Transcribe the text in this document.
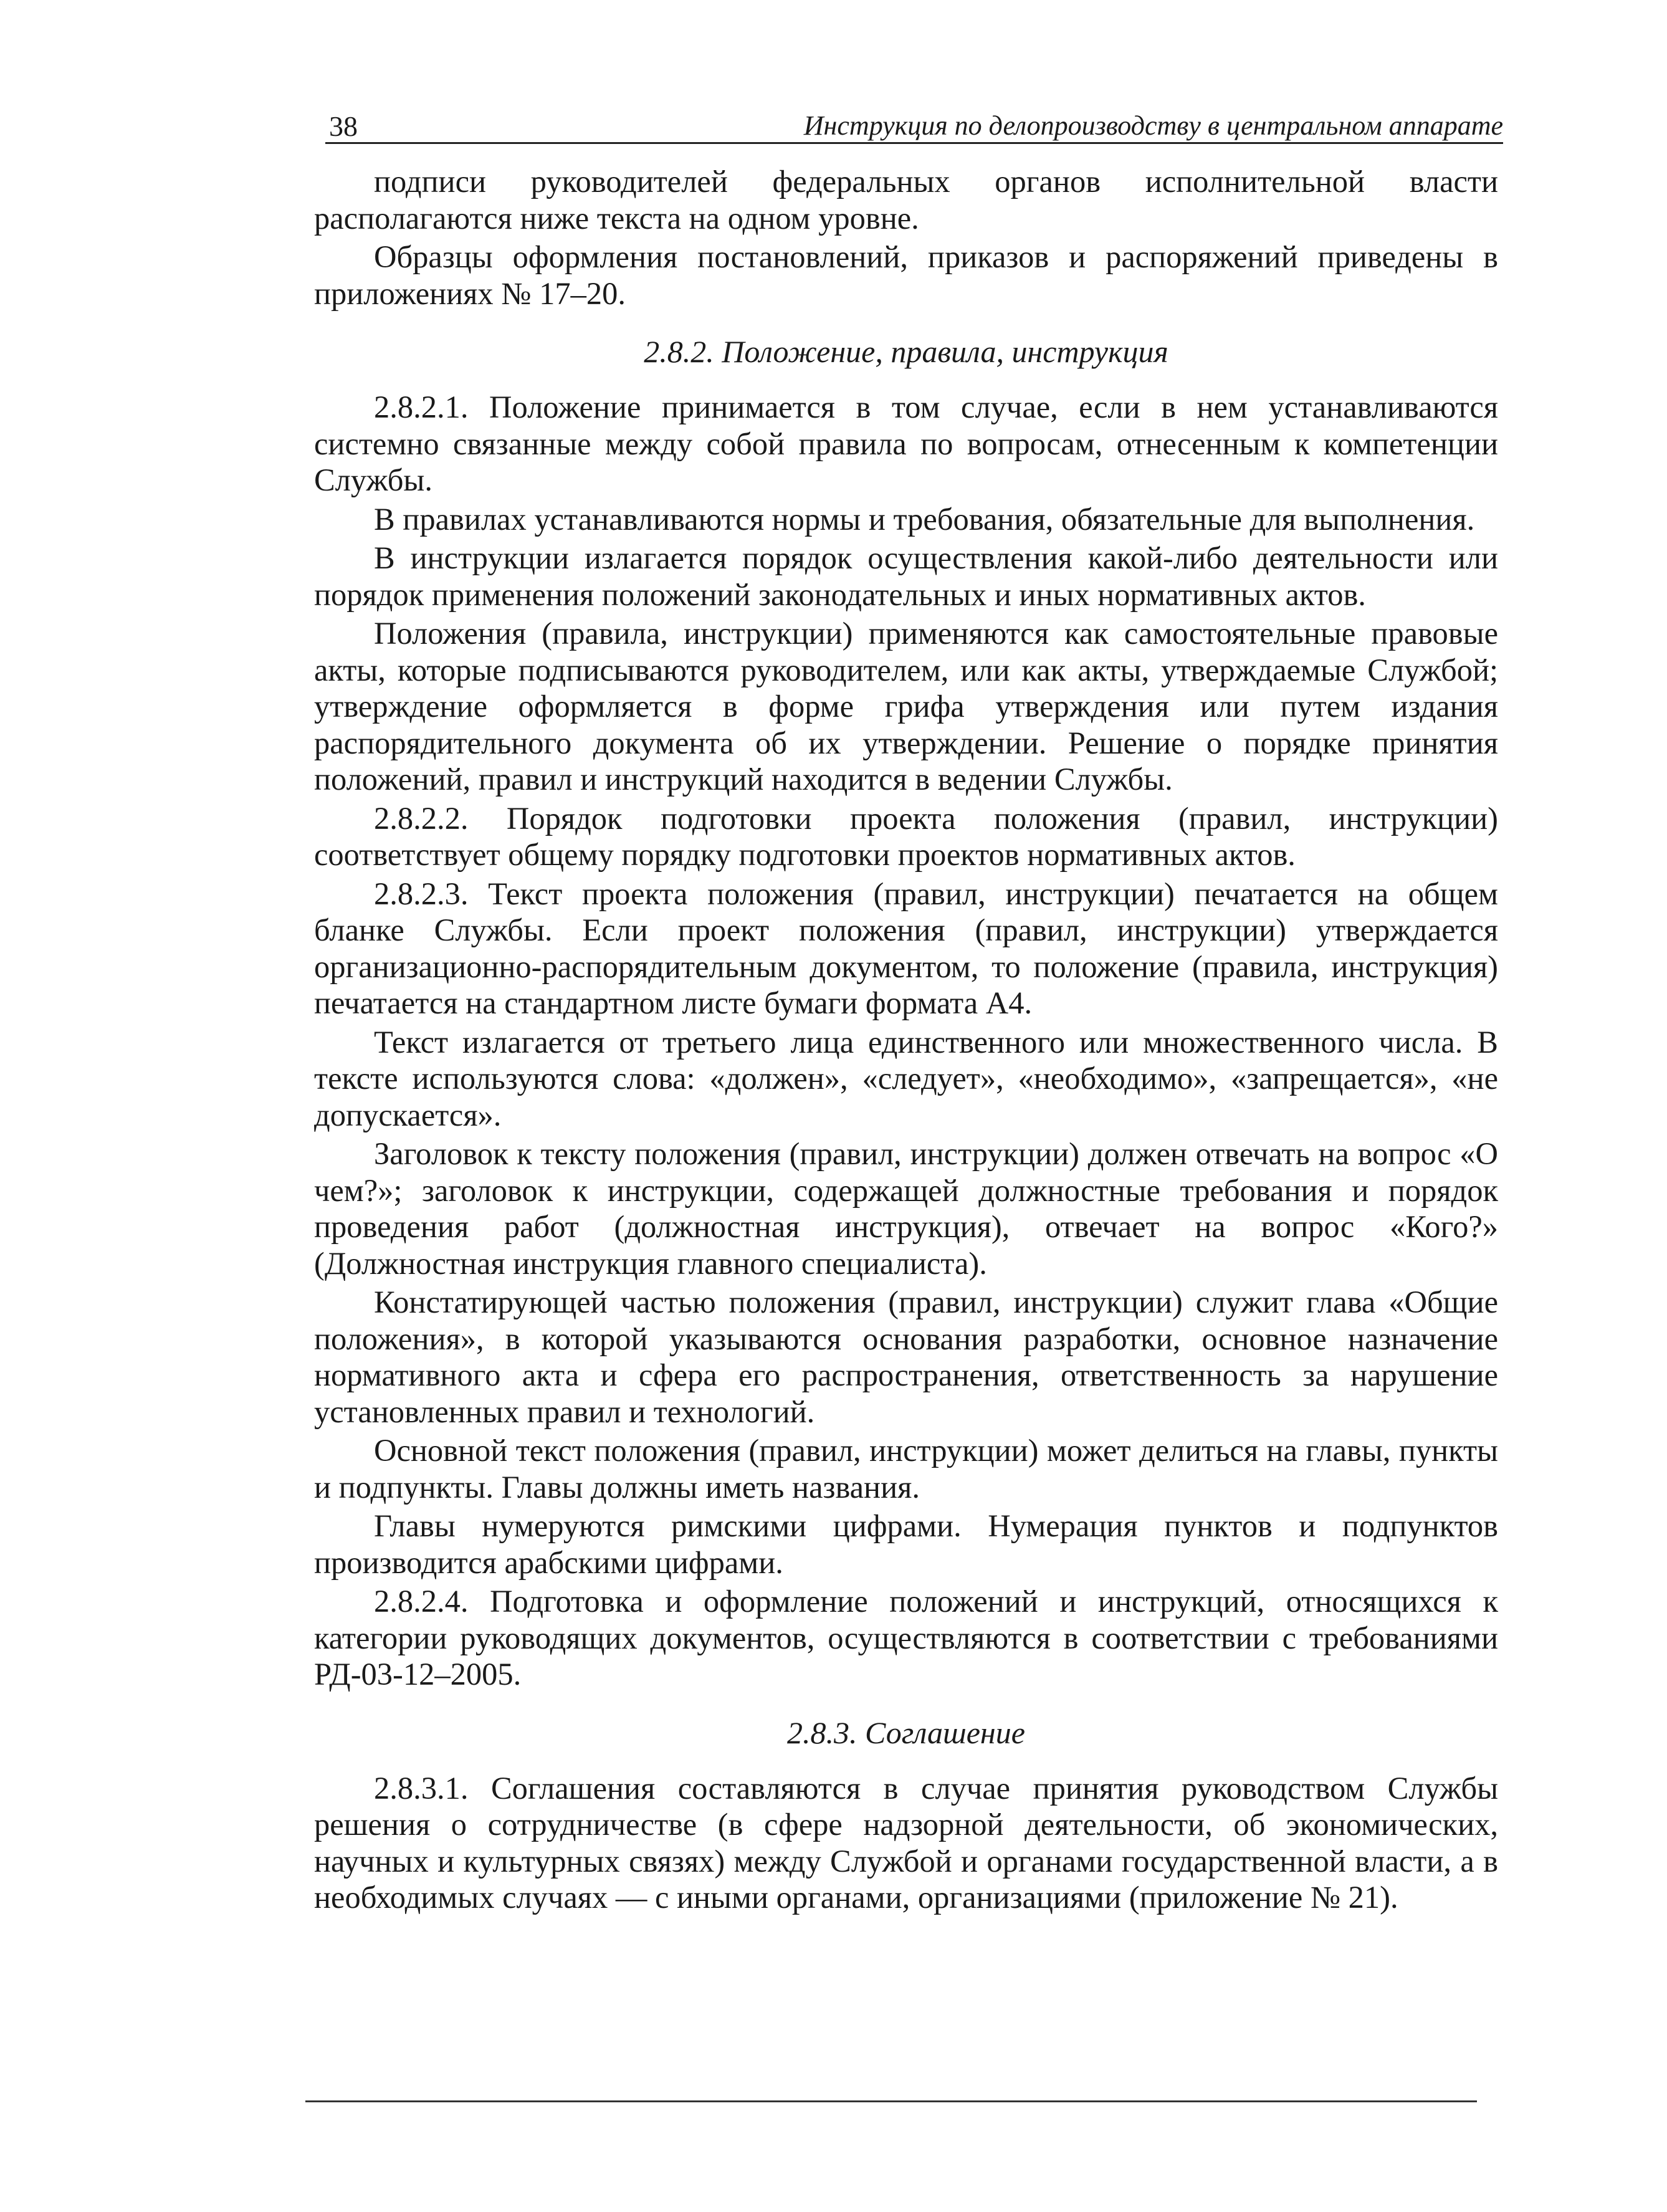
38	Инструкция по делопроизводству в центральном аппарате

подписи руководителей федеральных органов исполнительной власти располагаются ниже текста на одном уровне.

Образцы оформления постановлений, приказов и распоряжений приведены в приложениях № 17–20.

2.8.2. Положение, правила, инструкция

2.8.2.1. Положение принимается в том случае, если в нем устанавливаются системно связанные между собой правила по вопросам, отнесенным к компетенции Службы.

В правилах устанавливаются нормы и требования, обязательные для выполнения.

В инструкции излагается порядок осуществления какой-либо деятельности или порядок применения положений законодательных и иных нормативных актов.

Положения (правила, инструкции) применяются как самостоятельные правовые акты, которые подписываются руководителем, или как акты, утверждаемые Службой; утверждение оформляется в форме грифа утверждения или путем издания распорядительного документа об их утверждении. Решение о порядке принятия положений, правил и инструкций находится в ведении Службы.

2.8.2.2. Порядок подготовки проекта положения (правил, инструкции) соответствует общему порядку подготовки проектов нормативных актов.

2.8.2.3. Текст проекта положения (правил, инструкции) печатается на общем бланке Службы. Если проект положения (правил, инструкции) утверждается организационно-распорядительным документом, то положение (правила, инструкция) печатается на стандартном листе бумаги формата А4.

Текст излагается от третьего лица единственного или множественного числа. В тексте используются слова: «должен», «следует», «необходимо», «запрещается», «не допускается».

Заголовок к тексту положения (правил, инструкции) должен отвечать на вопрос «О чем?»; заголовок к инструкции, содержащей должностные требования и порядок проведения работ (должностная инструкция), отвечает на вопрос «Кого?» (Должностная инструкция главного специалиста).

Констатирующей частью положения (правил, инструкции) служит глава «Общие положения», в которой указываются основания разработки, основное назначение нормативного акта и сфера его распространения, ответственность за нарушение установленных правил и технологий.

Основной текст положения (правил, инструкции) может делиться на главы, пункты и подпункты. Главы должны иметь названия.

Главы нумеруются римскими цифрами. Нумерация пунктов и подпунктов производится арабскими цифрами.

2.8.2.4. Подготовка и оформление положений и инструкций, относящихся к категории руководящих документов, осуществляются в соответствии с требованиями РД-03-12–2005.

2.8.3. Соглашение

2.8.3.1. Соглашения составляются в случае принятия руководством Службы решения о сотрудничестве (в сфере надзорной деятельности, об экономических, научных и культурных связях) между Службой и органами государственной власти, а в необходимых случаях — с иными органами, организациями (приложение № 21).
